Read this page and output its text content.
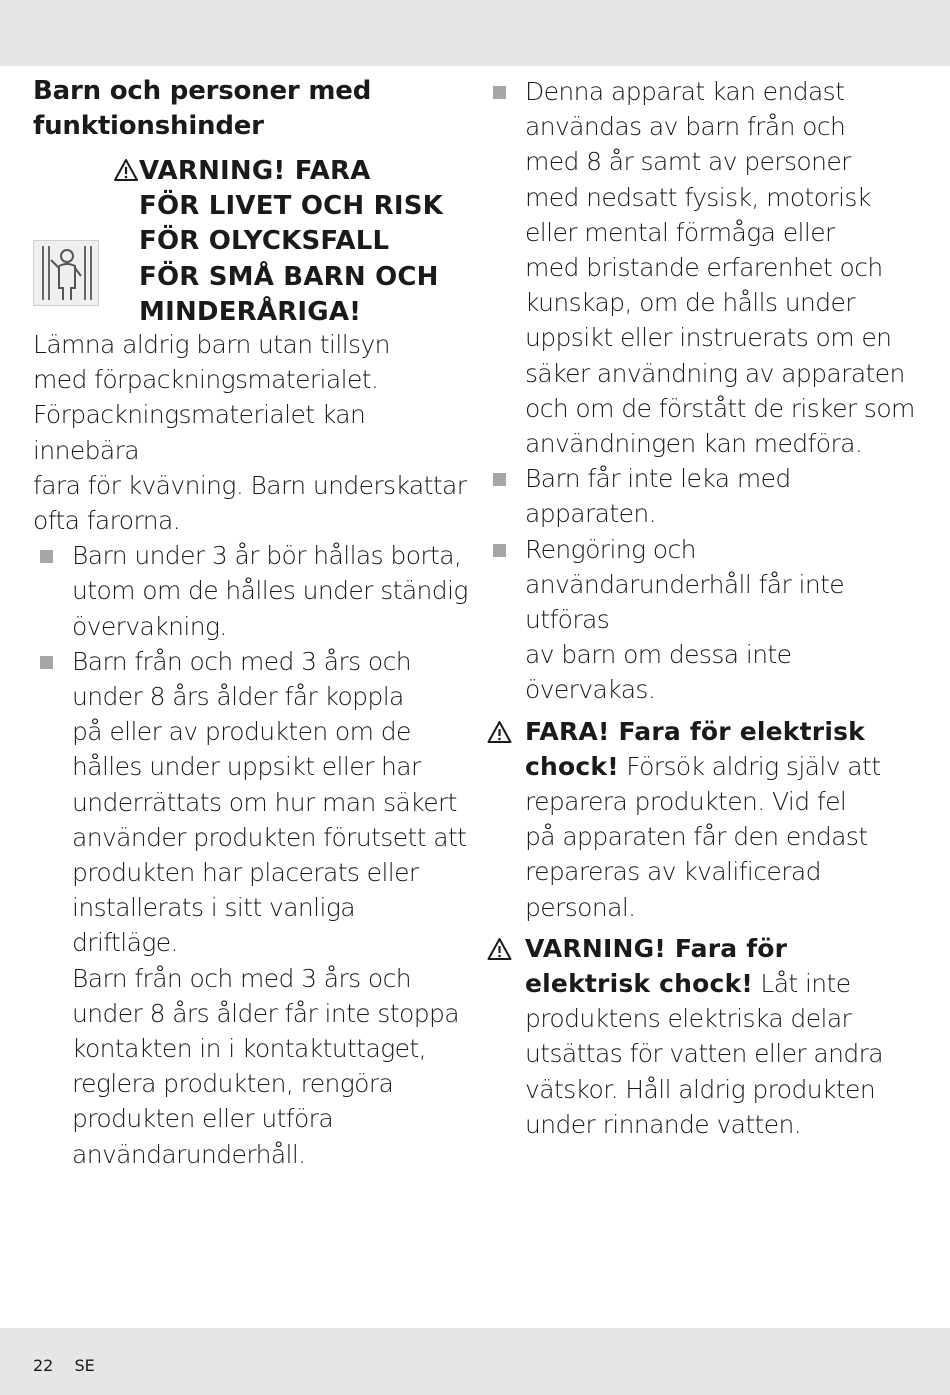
Barn och personer med funktionshinder

VARNING! FARA
FÖR LIVET OCH RISK
FÖR OLYCKSFALL
FÖR SMÅ BARN OCH
MINDERÅRIGA!
Lämna aldrig barn utan tillsyn
med förpackningsmaterialet.
Förpackningsmaterialet kan innebära
fara för kvävning. Barn underskattar
ofta farorna.
Barn under 3 år bör hållas borta,
utom om de hålles under ständig
övervakning.
Barn från och med 3 års och
under 8 års ålder får koppla
på eller av produkten om de
hålles under uppsikt eller har
underrättats om hur man säkert
använder produkten förutsett att
produkten har placerats eller
installerats i sitt vanliga driftläge.
Barn från och med 3 års och
under 8 års ålder får inte stoppa
kontakten in i kontaktuttaget,
reglera produkten, rengöra
produkten eller utföra
användarunderhåll.
Denna apparat kan endast
användas av barn från och
med 8 år samt av personer
med nedsatt fysisk, motorisk
eller mental förmåga eller
med bristande erfarenhet och
kunskap, om de hålls under
uppsikt eller instruerats om en
säker användning av apparaten
och om de förstått de risker som
användningen kan medföra.
Barn får inte leka med apparaten.
Rengöring och
användarunderhåll får inte utföras
av barn om dessa inte övervakas.
FARA! Fara för elektrisk
chock! Försök aldrig själv att
reparera produkten. Vid fel
på apparaten får den endast
repareras av kvalificerad
personal.
VARNING! Fara för
elektrisk chock! Låt inte
produktens elektriska delar
utsättas för vatten eller andra
vätskor. Håll aldrig produkten
under rinnande vatten.
22 SE
